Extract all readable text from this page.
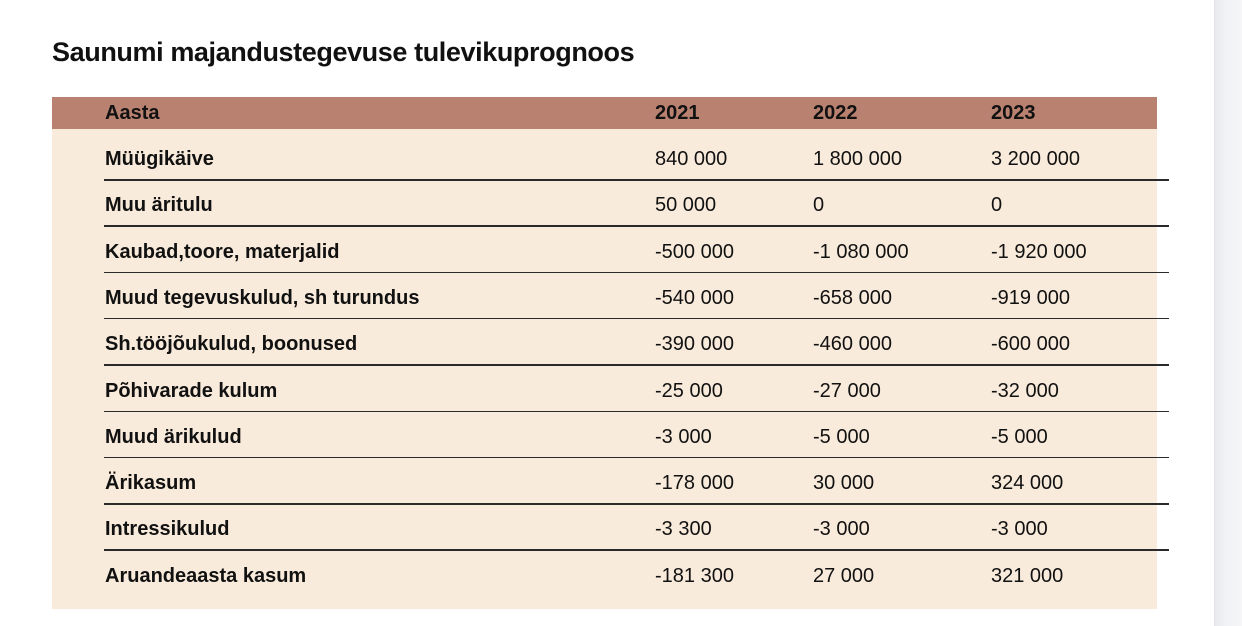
Saunumi majandustegevuse tulevikuprognoos
Aasta	2021	2022	2023
Müügikäive	840 000	1 800 000	3 200 000
Muu äritulu	50 000	0	0
Kaubad,toore, materjalid	-500 000	-1 080 000	-1 920 000
Muud tegevuskulud, sh turundus	-540 000	-658 000	-919 000
Sh.tööjõukulud, boonused	-390 000	-460 000	-600 000
Põhivarade kulum	-25 000	-27 000	-32 000
Muud ärikulud	-3 000	-5 000	-5 000
Ärikasum	-178 000	30 000	324 000
Intressikulud	-3 300	-3 000	-3 000
Aruandeaasta kasum	-181 300	27 000	321 000
